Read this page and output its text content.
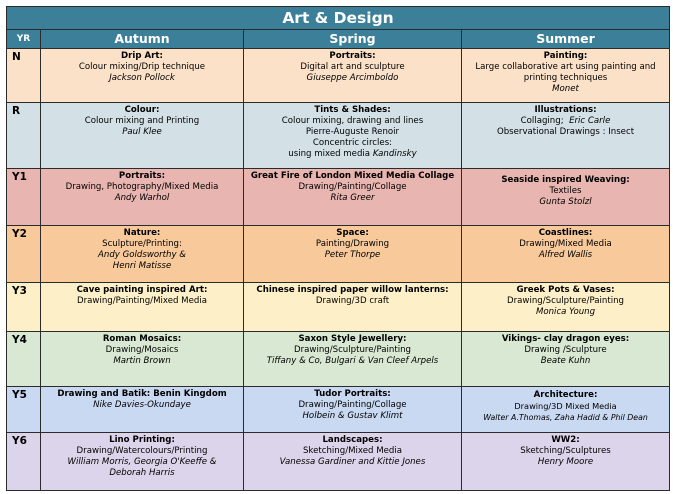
Art & Design			
YR	Autumn	Spring	Summer
N	Drip Art:
Colour mixing/Drip technique
Jackson Pollock	Portraits:
Digital art and sculpture
Giuseppe Arcimboldo	Painting:
Large collaborative art using painting and printing techniques
Monet

R	Colour:
Colour mixing and Printing
Paul Klee	Tints & Shades:
Colour mixing, drawing and lines
Pierre-Auguste Renoir
Concentric circles:
using mixed media Kandinsky	Illustrations:
Collaging; Eric Carle
Observational Drawings : Insect

Y1	Portraits:
Drawing, Photography/Mixed Media
Andy Warhol	Great Fire of London Mixed Media Collage
Drawing/Painting/Collage
Rita Greer	Seaside inspired Weaving:
Textiles
Gunta Stolzl

Y2	Nature:
Sculpture/Printing:
Andy Goldsworthy &
Henri Matisse	Space:
Painting/Drawing
Peter Thorpe	Coastlines:
Drawing/Mixed Media
Alfred Wallis

Y3	Cave painting inspired Art:
Drawing/Painting/Mixed Media	Chinese inspired paper willow lanterns:
Drawing/3D craft	Greek Pots & Vases:
Drawing/Sculpture/Painting
Monica Young

Y4	Roman Mosaics:
Drawing/Mosaics
Martin Brown	Saxon Style Jewellery:
Drawing/Sculpture/Painting
Tiffany & Co, Bulgari & Van Cleef Arpels	Vikings- clay dragon eyes:
Drawing /Sculpture
Beate Kuhn

Y5	Drawing and Batik: Benin Kingdom
Nike Davies-Okundaye	Tudor Portraits:
Drawing/Painting/Collage
Holbein & Gustav Klimt	Architecture:
Drawing/3D Mixed Media
Walter A.Thomas, Zaha Hadid & Phil Dean

Y6	Lino Printing:
Drawing/Watercolours/Printing
William Morris, Georgia O'Keeffe &
Deborah Harris	Landscapes:
Sketching/Mixed Media
Vanessa Gardiner and Kittie Jones	WW2:
Sketching/Sculptures
Henry Moore
